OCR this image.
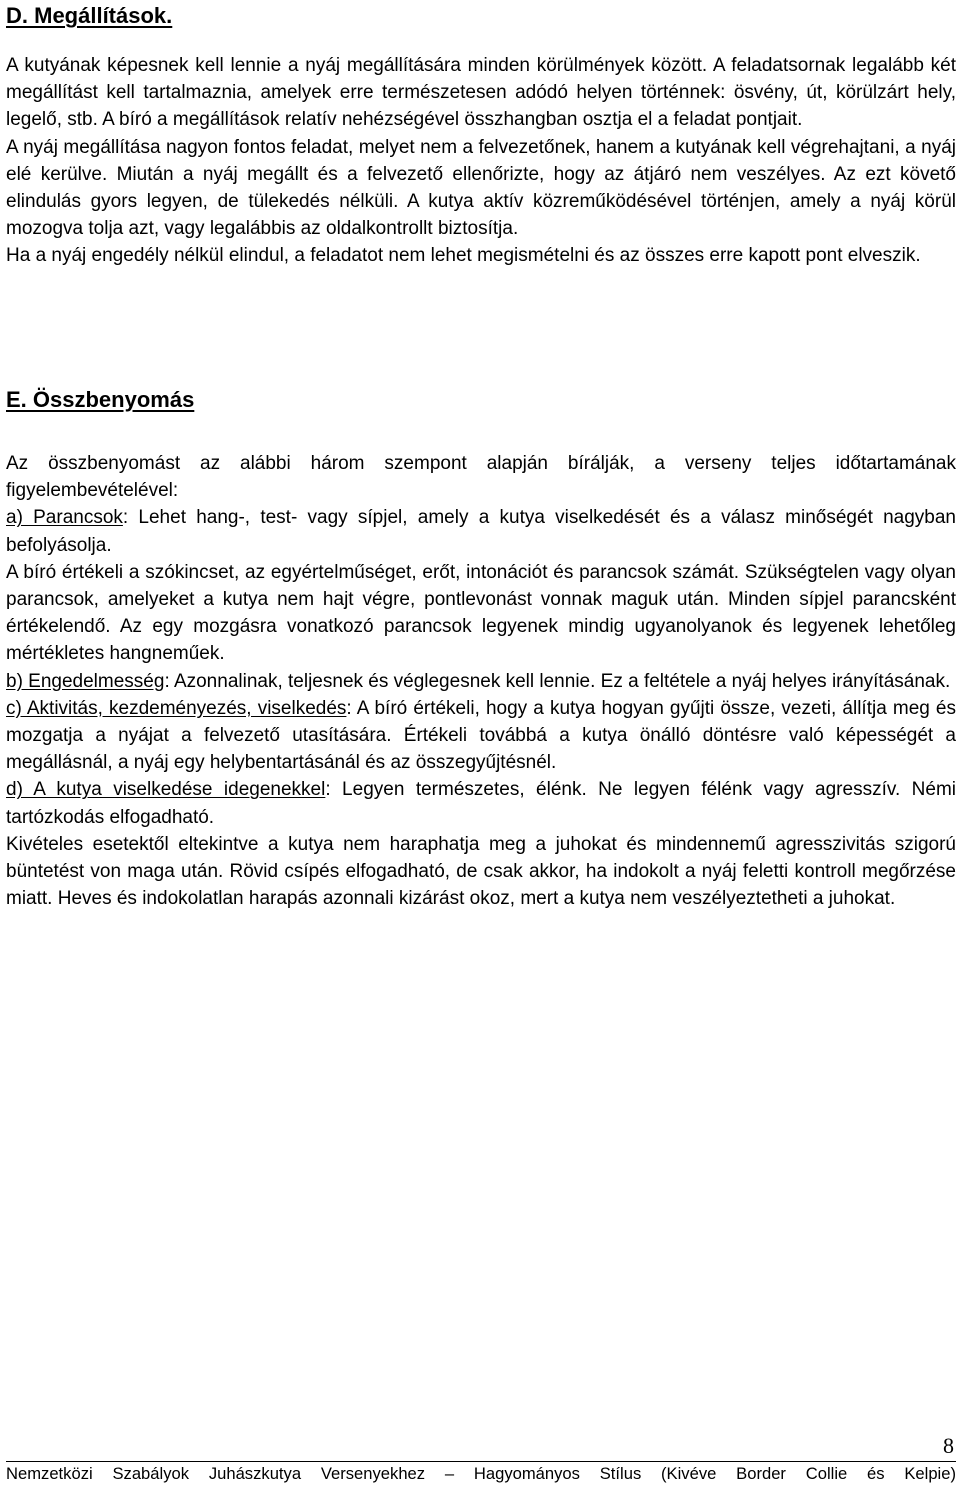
D. Megállítások.

A kutyának képesnek kell lennie a nyáj megállítására minden körülmények között. A feladatsornak legalább két megállítást kell tartalmaznia, amelyek erre természetesen adódó helyen történnek: ösvény, út, körülzárt hely, legelő, stb. A bíró a megállítások relatív nehézségével összhangban osztja el a feladat pontjait.

A nyáj megállítása nagyon fontos feladat, melyet nem a felvezetőnek, hanem a kutyának kell végrehajtani, a nyáj elé kerülve. Miután a nyáj megállt és a felvezető ellenőrizte, hogy az átjáró nem veszélyes. Az ezt követő elindulás gyors legyen, de tülekedés nélküli. A kutya aktív közreműködésével történjen, amely a nyáj körül mozogva tolja azt, vagy legalábbis az oldalkontrollt biztosítja.

Ha a nyáj engedély nélkül elindul, a feladatot nem lehet megismételni és az összes erre kapott pont elveszik.

E. Összbenyomás

Az összbenyomást az alábbi három szempont alapján bírálják, a verseny teljes időtartamának figyelembevételével:

a) Parancsok: Lehet hang-, test- vagy sípjel, amely a kutya viselkedését és a válasz minőségét nagyban befolyásolja.

A bíró értékeli a szókincset, az egyértelműséget, erőt, intonációt és parancsok számát. Szükségtelen vagy olyan parancsok, amelyeket a kutya nem hajt végre, pontlevonást vonnak maguk után. Minden sípjel parancsként értékelendő. Az egy mozgásra vonatkozó parancsok legyenek mindig ugyanolyanok és legyenek lehetőleg mértékletes hangneműek.

b) Engedelmesség: Azonnalinak, teljesnek és véglegesnek kell lennie. Ez a feltétele a nyáj helyes irányításának.

c) Aktivitás, kezdeményezés, viselkedés: A bíró értékeli, hogy a kutya hogyan gyűjti össze, vezeti, állítja meg és mozgatja a nyájat a felvezető utasítására. Értékeli továbbá a kutya önálló döntésre való képességét a megállásnál, a nyáj egy helybentartásánál és az összegyűjtésnél.

d) A kutya viselkedése idegenekkel: Legyen természetes, élénk. Ne legyen félénk vagy agresszív. Némi tartózkodás elfogadható.

Kivételes esetektől eltekintve a kutya nem haraphatja meg a juhokat és mindennemű agresszivitás szigorú büntetést von maga után. Rövid csípés elfogadható, de csak akkor, ha indokolt a nyáj feletti kontroll megőrzése miatt. Heves és indokolatlan harapás azonnali kizárást okoz, mert a kutya nem veszélyeztetheti a juhokat.

8
Nemzetközi Szabályok Juhászkutya Versenyekhez – Hagyományos Stílus (Kivéve Border Collie és Kelpie)
